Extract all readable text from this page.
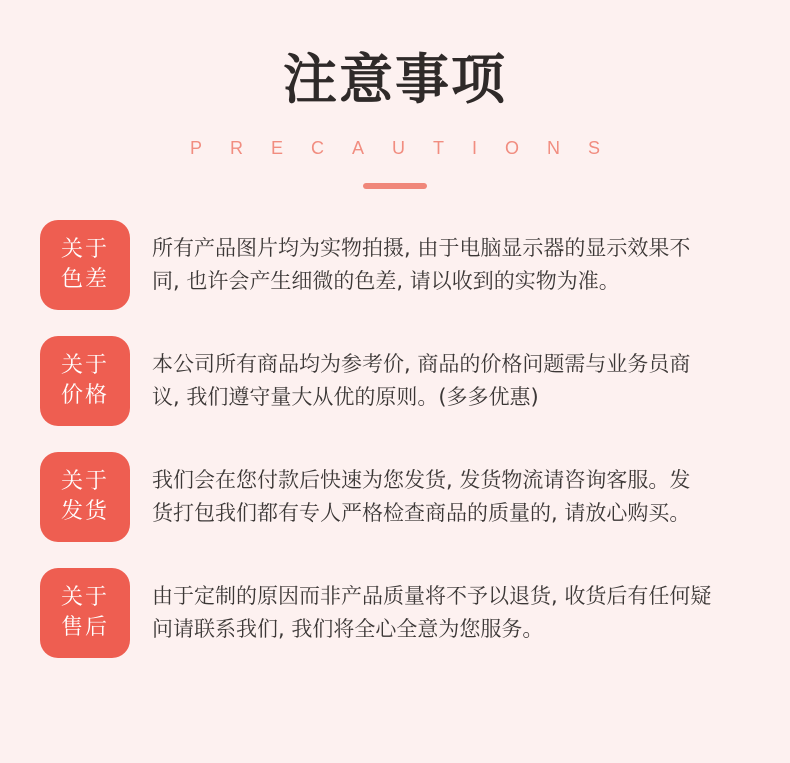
注意事项
PRECAUTIONS
关于
色差
所有产品图片均为实物拍摄, 由于电脑显示器的显示效果不
同, 也许会产生细微的色差, 请以收到的实物为准。
关于
价格
本公司所有商品均为参考价, 商品的价格问题需与业务员商
议, 我们遵守量大从优的原则。(多多优惠)
关于
发货
我们会在您付款后快速为您发货, 发货物流请咨询客服。发
货打包我们都有专人严格检查商品的质量的, 请放心购买。
关于
售后
由于定制的原因而非产品质量将不予以退货, 收货后有任何疑
问请联系我们, 我们将全心全意为您服务。
